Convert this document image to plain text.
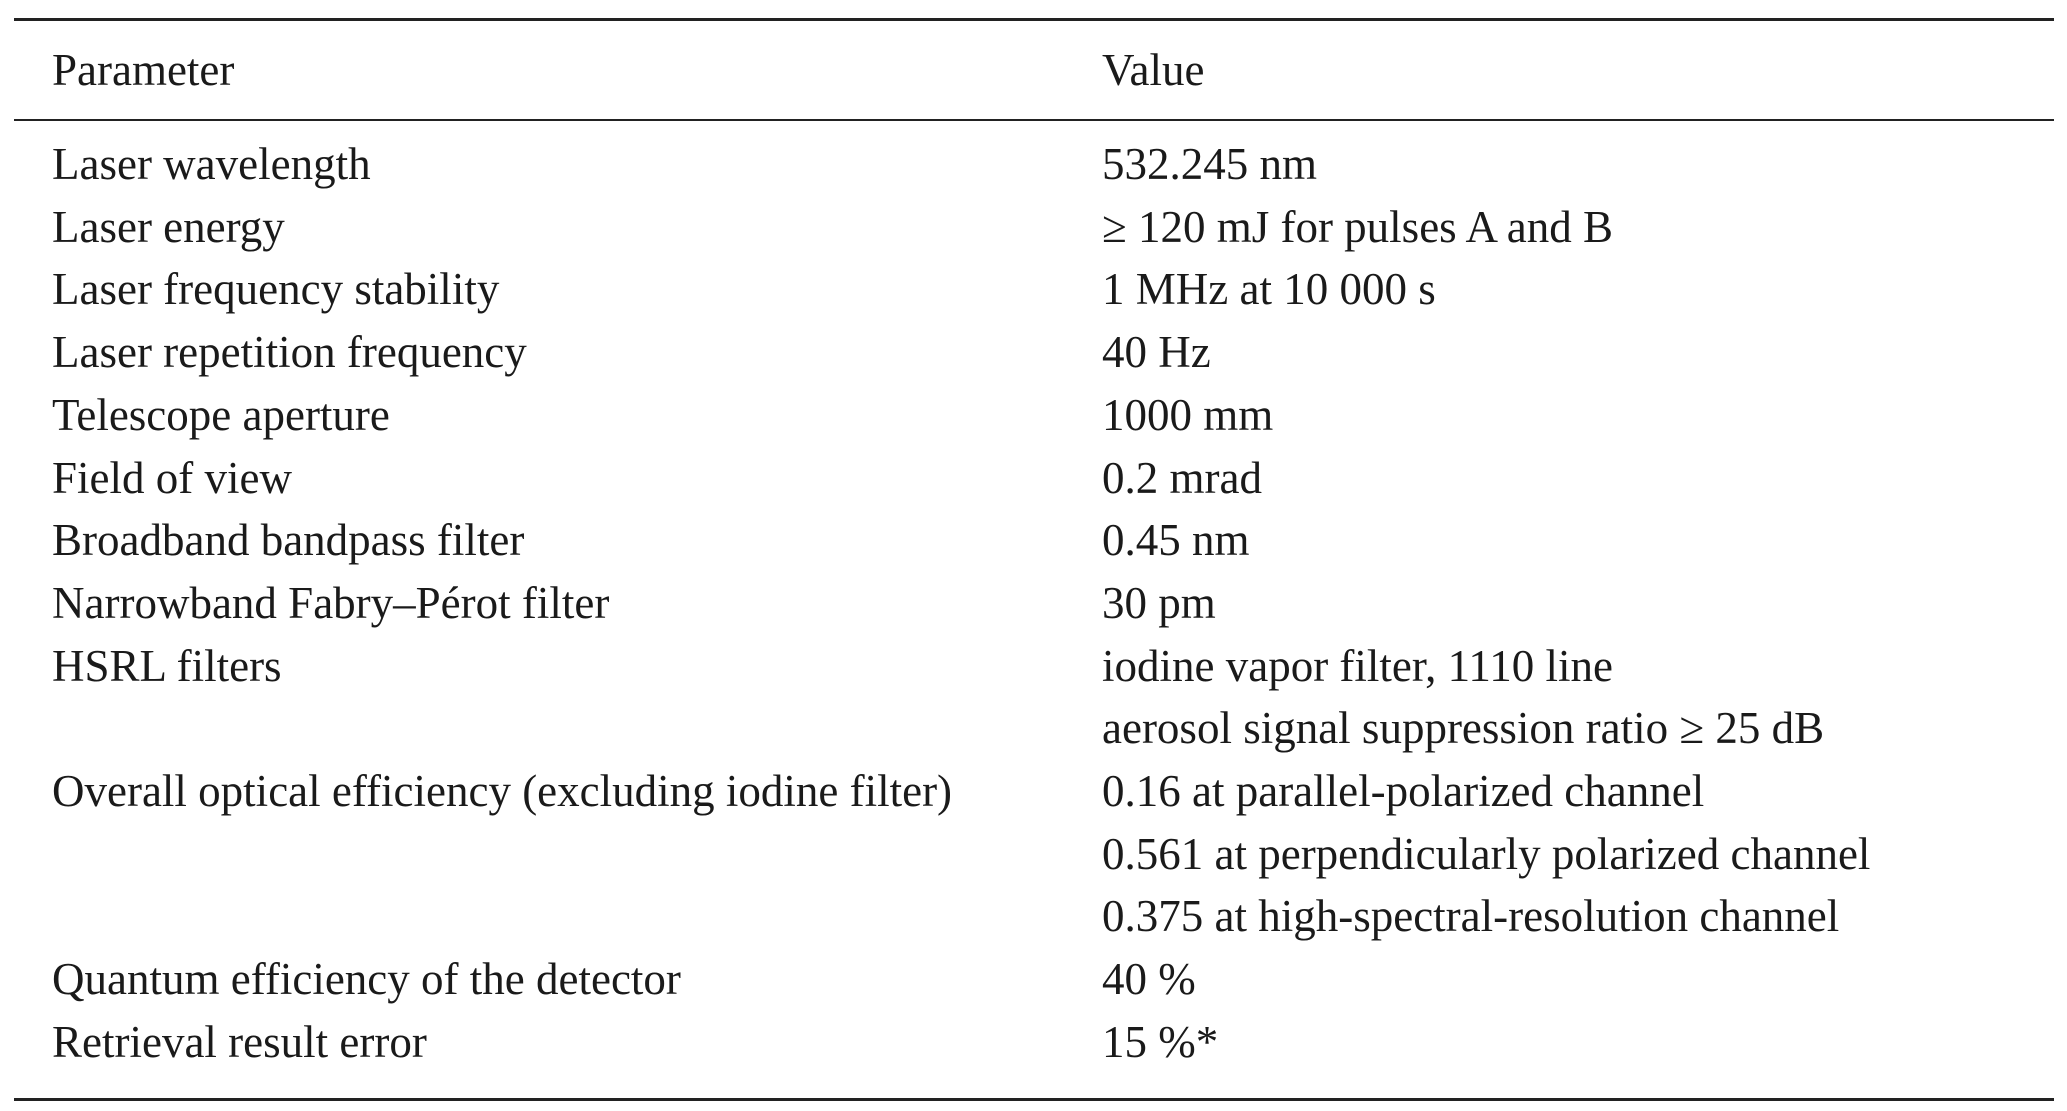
Parameter	Value
Laser wavelength	532.245 nm
Laser energy	≥ 120 mJ for pulses A and B
Laser frequency stability	1 MHz at 10 000 s
Laser repetition frequency	40 Hz
Telescope aperture	1000 mm
Field of view	0.2 mrad
Broadband bandpass filter	0.45 nm
Narrowband Fabry–Pérot filter	30 pm
HSRL filters	iodine vapor filter, 1110 line
aerosol signal suppression ratio ≥ 25 dB
Overall optical efficiency (excluding iodine filter)	0.16 at parallel-polarized channel
0.561 at perpendicularly polarized channel
0.375 at high-spectral-resolution channel
Quantum efficiency of the detector	40 %
Retrieval result error	15 %*
